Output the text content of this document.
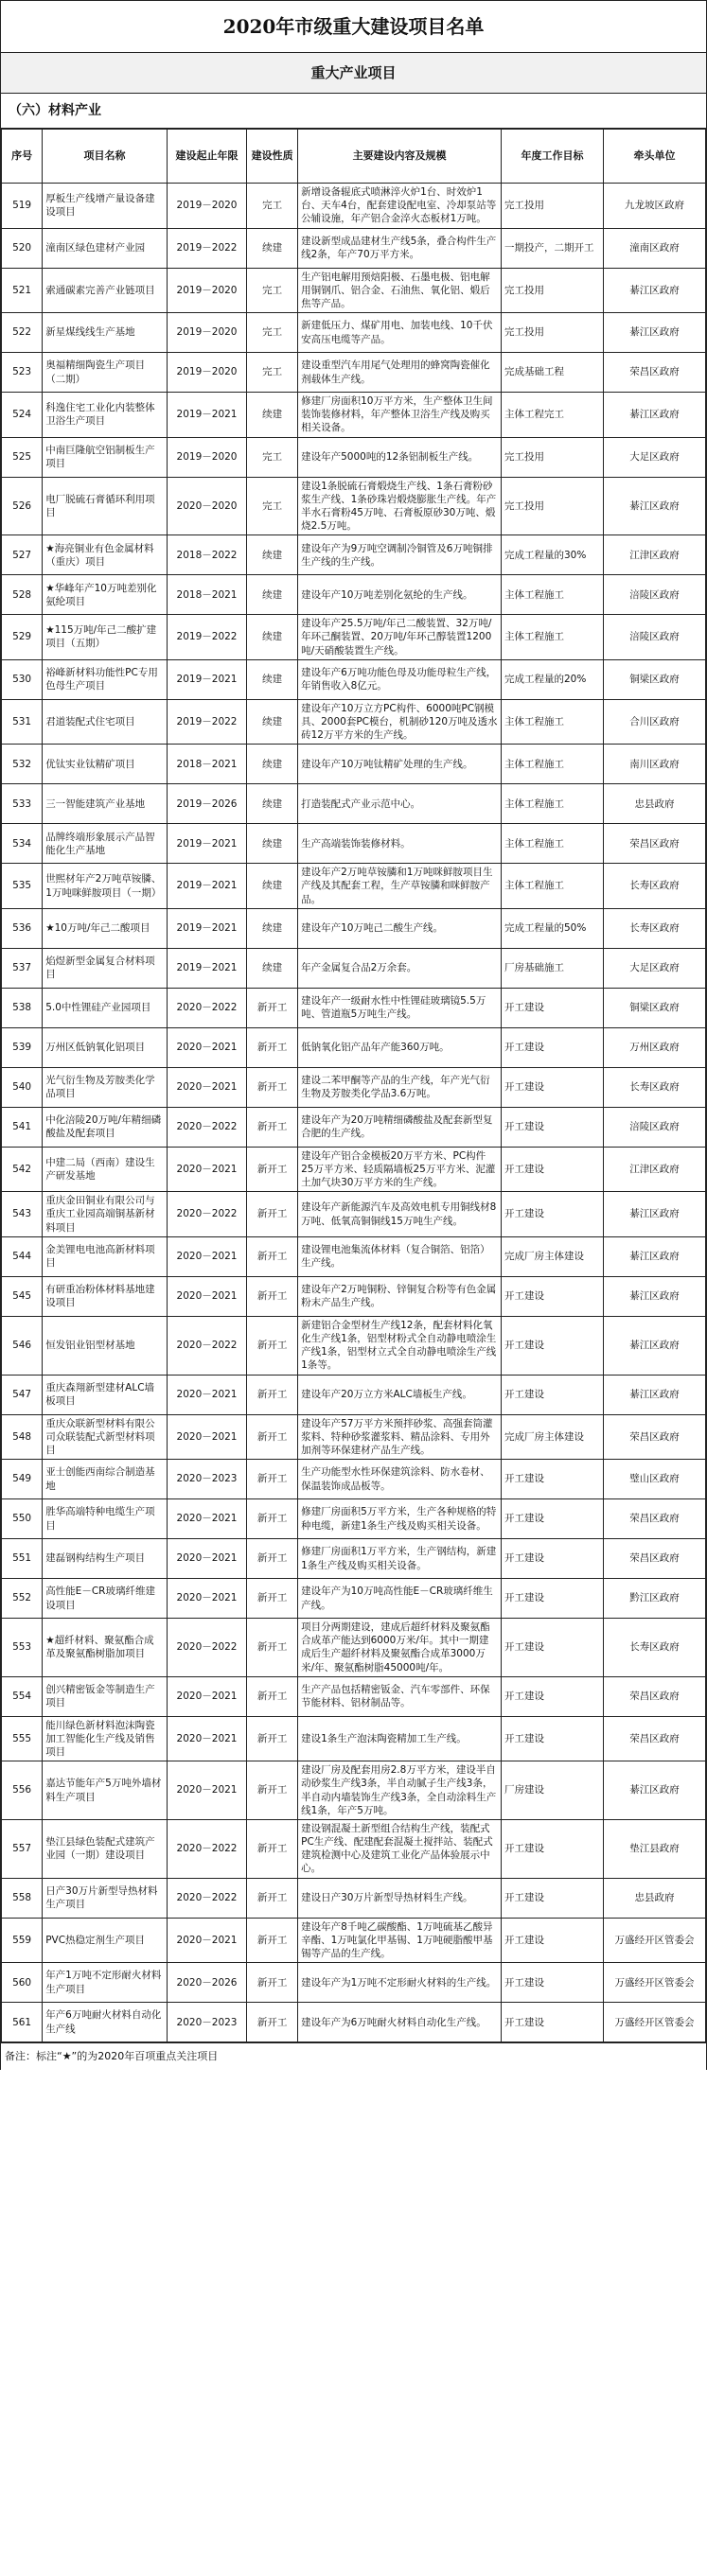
2020年市级重大建设项目名单
重大产业项目
（六）材料产业
序号	项目名称	建设起止年限	建设性质	主要建设内容及规模	年度工作目标	牵头单位
519	厚板生产线增产量设备建设项目	2019－2020	完工	新增设备辊底式喷淋淬火炉1台、时效炉1台、天车4台，配套建设配电室、冷却泵站等公辅设施，年产铝合金淬火态板材1万吨。	完工投用	九龙坡区政府
520	潼南区绿色建材产业园	2019－2022	续建	建设新型成品建材生产线5条，叠合构件生产线2条，年产70万平方米。	一期投产，二期开工	潼南区政府
521	索通碳素完善产业链项目	2019－2020	完工	生产铝电解用预焙阳极、石墨电极、铝电解用铜钢爪、铝合金、石油焦、氧化铝、煅后焦等产品。	完工投用	綦江区政府
522	新星煤线线生产基地	2019－2020	完工	新建低压力、煤矿用电、加装电线、10千伏安高压电缆等产品。	完工投用	綦江区政府
523	奥福精细陶瓷生产项目（二期）	2019－2020	完工	建设重型汽车用尾气处理用的蜂窝陶瓷催化剂载体生产线。	完成基础工程	荣昌区政府
524	科逸住宅工业化内装整体卫浴生产项目	2019－2021	续建	修建厂房面积10万平方米，生产整体卫生间装饰装修材料，年产整体卫浴生产线及购买相关设备。	主体工程完工	綦江区政府
525	中南巨隆航空铝制板生产项目	2019－2020	完工	建设年产5000吨的12条铝制板生产线。	完工投用	大足区政府
526	电厂脱硫石膏循环利用项目	2020－2020	完工	建设1条脱硫石膏煅烧生产线、1条石膏粉砂浆生产线、1条砂珠岩煅烧膨胀生产线。年产半水石膏粉45万吨、石膏板原砂30万吨、煅烧2.5万吨。	完工投用	綦江区政府
527	★海亮铜业有色金属材料（重庆）项目	2018－2022	续建	建设年产为9万吨空调制冷铜管及6万吨铜排生产线的生产线。	完成工程量的30%	江津区政府
528	★华峰年产10万吨差别化氨纶项目	2018－2021	续建	建设年产10万吨差别化氨纶的生产线。	主体工程施工	涪陵区政府
529	★115万吨/年己二酸扩建项目（五期）	2019－2022	续建	建设年产25.5万吨/年己二酸装置、32万吨/年环己酮装置、20万吨/年环己醇装置1200吨/天硝酸装置生产线。	主体工程施工	涪陵区政府
530	裕峰新材料功能性PC专用色母生产项目	2019－2021	续建	建设年产6万吨功能色母及功能母粒生产线，年销售收入8亿元。	完成工程量的20%	铜梁区政府
531	君道装配式住宅项目	2019－2022	续建	建设年产10万立方PC构件、6000吨PC钢模具、2000套PC模台，机制砂120万吨及透水砖12万平方米的生产线。	主体工程施工	合川区政府
532	优钛实业钛精矿项目	2018－2021	续建	建设年产10万吨钛精矿处理的生产线。	主体工程施工	南川区政府
533	三一智能建筑产业基地	2019－2026	续建	打造装配式产业示范中心。	主体工程施工	忠县政府
534	品牌终端形象展示产品智能化生产基地	2019－2021	续建	生产高端装饰装修材料。	主体工程施工	荣昌区政府
535	世熙材年产2万吨草铵膦、1万吨咪鲜胺项目（一期）	2019－2021	续建	建设年产2万吨草铵膦和1万吨咪鲜胺项目生产线及其配套工程，生产草铵膦和咪鲜胺产品。	主体工程施工	长寿区政府
536	★10万吨/年己二酸项目	2019－2021	续建	建设年产10万吨己二酸生产线。	完成工程量的50%	长寿区政府
537	焰煜新型金属复合材料项目	2019－2021	续建	年产金属复合品2万余套。	厂房基础施工	大足区政府
538	5.0中性锂硅产业园项目	2020－2022	新开工	建设年产一级耐水性中性锂硅玻璃镜5.5万吨、管道瓶5万吨生产线。	开工建设	铜梁区政府
539	万州区低钠氧化铝项目	2020－2021	新开工	低钠氧化铝产品年产能360万吨。	开工建设	万州区政府
540	光气衍生物及芳胺类化学品项目	2020－2021	新开工	建设二苯甲酮等产品的生产线，年产光气衍生物及芳胺类化学品3.6万吨。	开工建设	长寿区政府
541	中化涪陵20万吨/年精细磷酸盐及配套项目	2020－2022	新开工	建设年产为20万吨精细磷酸盐及配套新型复合肥的生产线。	开工建设	涪陵区政府
542	中建二局（西南）建设生产研发基地	2020－2021	新开工	建设年产铝合金模板20万平方米、PC构件25万平方米、轻质隔墙板25万平方米、泥灌土加气块30万平方米的生产线。	开工建设	江津区政府
543	重庆金田铜业有限公司与重庆工业园高端铜基新材料项目	2020－2022	新开工	建设年产新能源汽车及高效电机专用铜线材8万吨、低氧高铜铜线15万吨生产线。	开工建设	綦江区政府
544	金美锂电电池高新材料项目	2020－2021	新开工	建设锂电池集流体材料（复合铜箔、铝箔）生产线。	完成厂房主体建设	綦江区政府
545	有研重冶粉体材料基地建设项目	2020－2021	新开工	建设年产2万吨铜粉、锌铜复合粉等有色金属粉末产品生产线。	开工建设	綦江区政府
546	恒发铝业铝型材基地	2020－2022	新开工	新建铝合金型材生产线12条，配套材料化氧化生产线1条，铝型材粉式全自动静电喷涂生产线1条，铝型材立式全自动静电喷涂生产线1条等。	开工建设	綦江区政府
547	重庆森翔新型建材ALC墙板项目	2020－2021	新开工	建设年产20万立方米ALC墙板生产线。	开工建设	綦江区政府
548	重庆众联新型材料有限公司众联装配式新型材料项目	2020－2021	新开工	建设年产57万平方米预拌砂浆、高强套筒灌浆料、特种砂浆灌浆料、精品涂料、专用外加剂等环保建材产品生产线。	完成厂房主体建设	荣昌区政府
549	亚士创能西南综合制造基地	2020－2023	新开工	生产功能型水性环保建筑涂料、防水卷材、保温装饰成品板等。	开工建设	璧山区政府
550	胜华高端特种电缆生产项目	2020－2021	新开工	修建厂房面积5万平方米，生产各种规格的特种电缆，新建1条生产线及购买相关设备。	开工建设	荣昌区政府
551	建磊钢构结构生产项目	2020－2021	新开工	修建厂房面积1万平方米，生产钢结构，新建1条生产线及购买相关设备。	开工建设	荣昌区政府
552	高性能E－CR玻璃纤维建设项目	2020－2021	新开工	建设年产为10万吨高性能E－CR玻璃纤维生产线。	开工建设	黔江区政府
553	★超纤材料、聚氨酯合成革及聚氨酯树脂加项目	2020－2022	新开工	项目分两期建设，建成后超纤材料及聚氨酯合成革产能达到6000万米/年。其中一期建成后生产超纤材料及聚氨酯合成革3000万米/年、聚氨酯树脂45000吨/年。	开工建设	长寿区政府
554	创兴精密钣金等制造生产项目	2020－2021	新开工	生产产品包括精密钣金、汽车零部件、环保节能材料、铝材制品等。	开工建设	荣昌区政府
555	能川绿色新材料泡沫陶瓷加工智能化生产线及销售项目	2020－2021	新开工	建设1条生产泡沫陶瓷精加工生产线。	开工建设	荣昌区政府
556	嘉达节能年产5万吨外墙材料生产项目	2020－2021	新开工	建设厂房及配套用房2.8万平方米，建设半自动砂浆生产线3条，半自动腻子生产线3条，半自动内墙装饰生产线3条，全自动涂料生产线1条，年产5万吨。	厂房建设	綦江区政府
557	垫江县绿色装配式建筑产业园（一期）建设项目	2020－2022	新开工	建设钢混凝土新型组合结构生产线，装配式PC生产线、配建配套混凝土搅拌站、装配式建筑检测中心及建筑工业化产品体验展示中心。	开工建设	垫江县政府
558	日产30万片新型导热材料生产项目	2020－2022	新开工	建设日产30万片新型导热材料生产线。	开工建设	忠县政府
559	PVC热稳定剂生产项目	2020－2021	新开工	建设年产8千吨乙碳酸酯、1万吨硫基乙酸异辛酯、1万吨氯化甲基锡、1万吨硬脂酸甲基锡等产品的生产线。	开工建设	万盛经开区管委会
560	年产1万吨不定形耐火材料生产项目	2020－2026	新开工	建设年产为1万吨不定形耐火材料的生产线。	开工建设	万盛经开区管委会
561	年产6万吨耐火材料自动化生产线	2020－2023	新开工	建设年产为6万吨耐火材料自动化生产线。	开工建设	万盛经开区管委会
备注：标注“★”的为2020年百项重点关注项目
